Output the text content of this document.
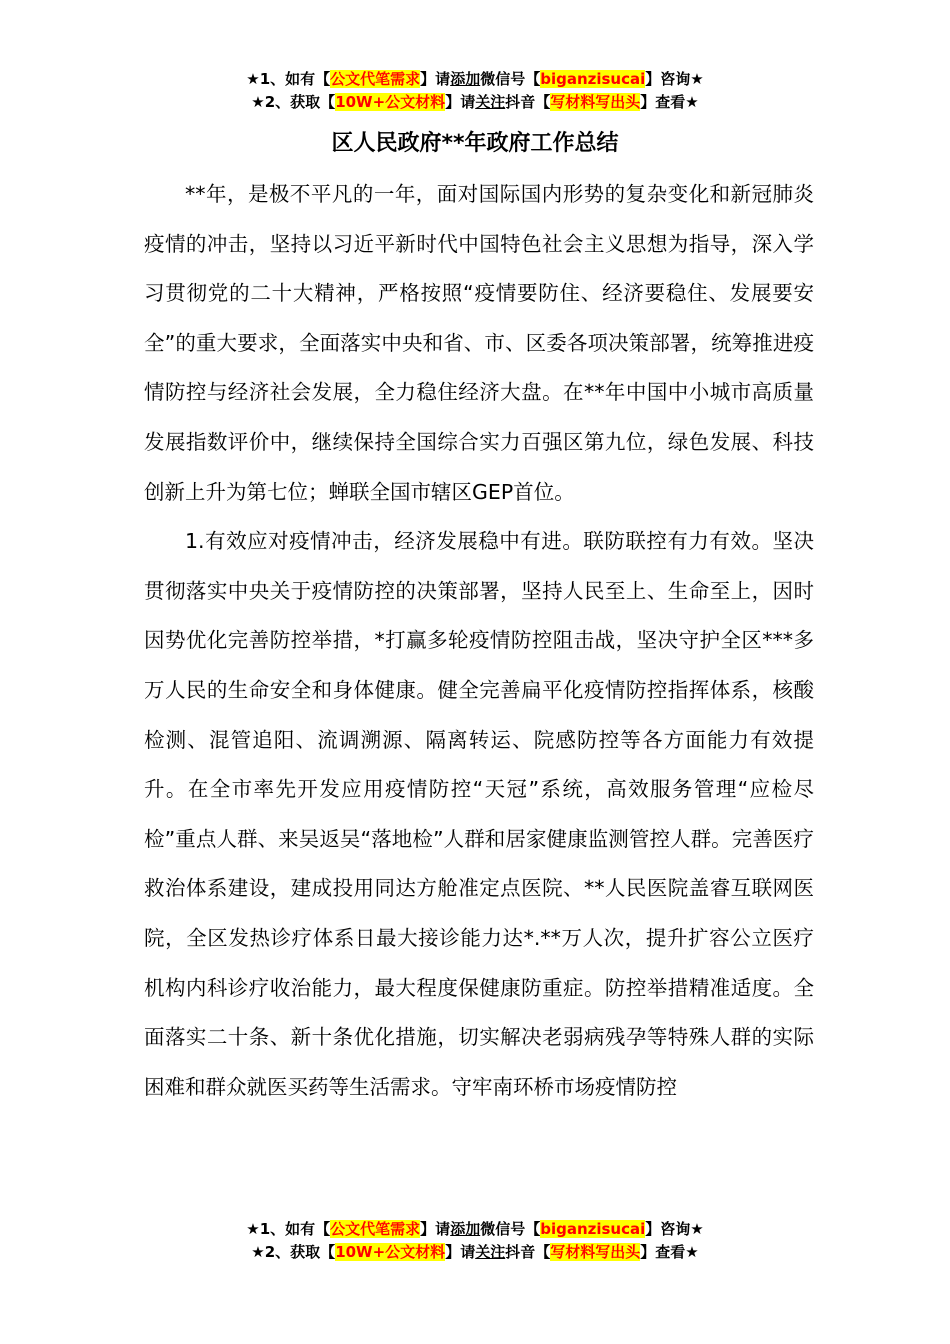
★1、如有【公文代笔需求】请添加微信号【biganzisucai】咨询★
★2、获取【10W+公文材料】请关注抖音【写材料写出头】查看★
区人民政府**年政府工作总结

**年，是极不平凡的一年，面对国际国内形势的复杂变化和新冠肺炎疫情的冲击，坚持以习近平新时代中国特色社会主义思想为指导，深入学习贯彻党的二十大精神，严格按照“疫情要防住、经济要稳住、发展要安全”的重大要求，全面落实中央和省、市、区委各项决策部署，统筹推进疫情防控与经济社会发展，全力稳住经济大盘。在**年中国中小城市高质量发展指数评价中，继续保持全国综合实力百强区第九位，绿色发展、科技创新上升为第七位；蝉联全国市辖区GEP首位。

1.有效应对疫情冲击，经济发展稳中有进。联防联控有力有效。坚决贯彻落实中央关于疫情防控的决策部署，坚持人民至上、生命至上，因时因势优化完善防控举措，*打赢多轮疫情防控阻击战，坚决守护全区***多万人民的生命安全和身体健康。健全完善扁平化疫情防控指挥体系，核酸检测、混管追阳、流调溯源、隔离转运、院感防控等各方面能力有效提升。在全市率先开发应用疫情防控“天冠”系统，高效服务管理“应检尽检”重点人群、来吴返吴“落地检”人群和居家健康监测管控人群。完善医疗救治体系建设，建成投用同达方舱准定点医院、**人民医院盖睿互联网医院，全区发热诊疗体系日最大接诊能力达*.**万人次，提升扩容公立医疗机构内科诊疗收治能力，最大程度保健康防重症。防控举措精准适度。全面落实二十条、新十条优化措施，切实解决老弱病残孕等特殊人群的实际困难和群众就医买药等生活需求。守牢南环桥市场疫情防控

★1、如有【公文代笔需求】请添加微信号【biganzisucai】咨询★
★2、获取【10W+公文材料】请关注抖音【写材料写出头】查看★
